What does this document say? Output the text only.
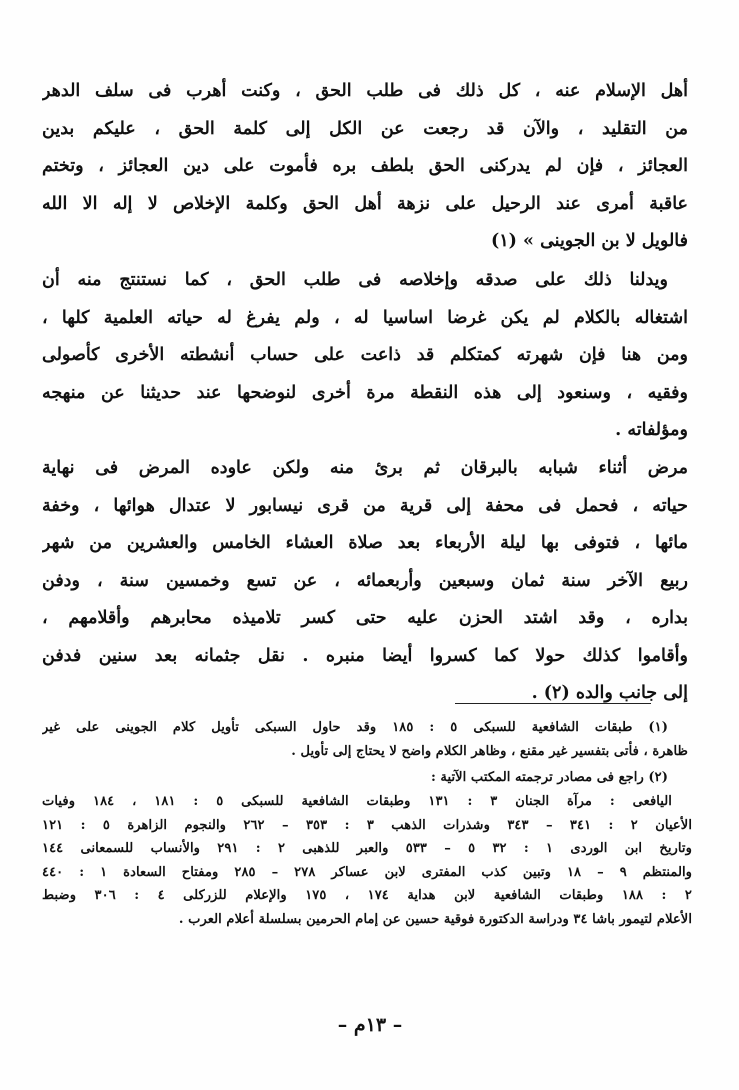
أهل الإسلام عنه ، كل ذلك فى طلب الحق ، وكنت أهرب فى سلف الدهر
من التقليد ، والآن قد رجعت عن الكل إلى كلمة الحق ، عليكم بدين
العجائز ، فإن لم يدركنى الحق بلطف بره فأموت على دين العجائز ، وتختم
عاقبة أمرى عند الرحيل على نزهة أهل الحق وكلمة الإخلاص لا إله الا الله
فالويل لا بن الجوينى » (١)
ويدلنا ذلك على صدقه وإخلاصه فى طلب الحق ، كما نستنتج منه أن
اشتغاله بالكلام لم يكن غرضا اساسيا له ، ولم يفرغ له حياته العلمية كلها ،
ومن هنا فإن شهرته كمتكلم قد ذاعت على حساب أنشطته الأخرى كأصولى
وفقيه ، وسنعود إلى هذه النقطة مرة أخرى لنوضحها عند حديثنا عن منهجه
ومؤلفاته .
مرض أثناء شبابه بالبرقان ثم برئ منه ولكن عاوده المرض فى نهاية
حياته ، فحمل فى محفة إلى قرية من قرى نيسابور لا عتدال هوائها ، وخفة
مائها ، فتوفى بها ليلة الأربعاء بعد صلاة العشاء الخامس والعشرين من شهر
ربيع الآخر سنة ثمان وسبعين وأربعمائه ، عن تسع وخمسين سنة ، ودفن
بداره ، وقد اشتد الحزن عليه حتى كسر تلاميذه محابرهم وأقلامهم ،
وأقاموا كذلك حولا كما كسروا أيضا منبره . نقل جثمانه بعد سنين فدفن
إلى جانب والده (٢) .
(١) طبقات الشافعية للسبكى ٥ : ١٨٥ وقد حاول السبكى تأويل كلام الجوينى على غير
ظاهرة ، فأتى بتفسير غير مقنع ، وظاهر الكلام واضح لا يحتاج إلى تأويل .
(٢) راجع فى مصادر ترجمته المكتب الآتية :
اليافعى : مرآة الجنان ٣ : ١٣١ وطبقات الشافعية للسبكى ٥ : ١٨١ ، ١٨٤ وفيات
الأعيان ٢ : ٣٤١ – ٣٤٣ وشذرات الذهب ٣ : ٣٥٣ – ٢٦٢ والنجوم الزاهرة ٥ : ١٢١
وتاريخ ابن الوردى ١ : ٣٢ ٥ – ٥٣٣ والعبر للذهبى ٢ : ٢٩١ والأنساب للسمعانى ١٤٤
والمنتظم ٩ – ١٨ وتبين كذب المفترى لابن عساكر ٢٧٨ – ٢٨٥ ومفتاح السعادة ١ : ٤٤٠
٢ : ١٨٨ وطبقات الشافعية لابن هداية ١٧٤ ، ١٧٥ والإعلام للزركلى ٤ : ٣٠٦ وضبط
الأعلام لتيمور باشا ٣٤ ودراسة الدكتورة فوقية حسين عن إمام الحرمين بسلسلة أعلام العرب .
– ١٣م –
